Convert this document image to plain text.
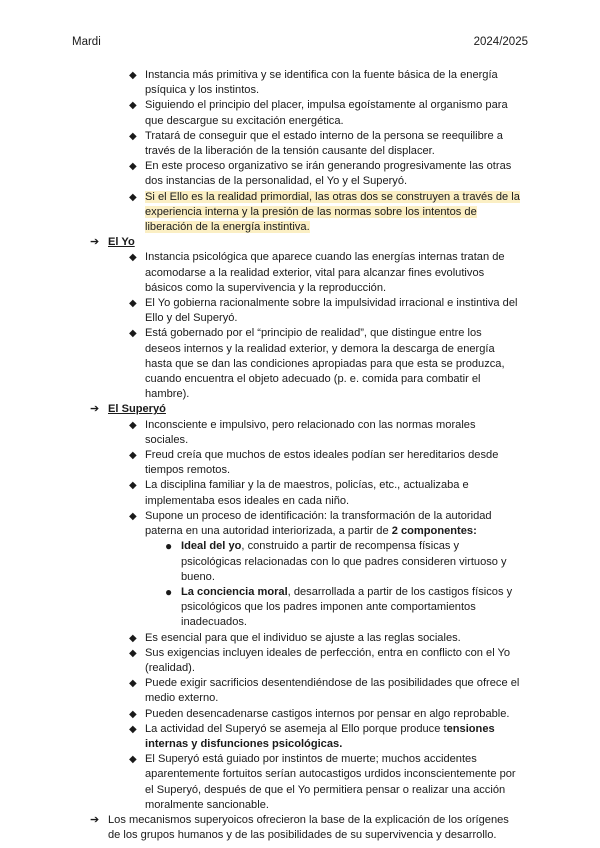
Mardi	2024/2025

◆ Instancia más primitiva y se identifica con la fuente básica de la energía psíquica y los instintos.

◆ Siguiendo el principio del placer, impulsa egoístamente al organismo para que descargue su excitación energética.

◆ Tratará de conseguir que el estado interno de la persona se reequilibre a través de la liberación de la tensión causante del displacer.

◆ En este proceso organizativo se irán generando progresivamente las otras dos instancias de la personalidad, el Yo y el Superyó.

◆ Si el Ello es la realidad primordial, las otras dos se construyen a través de la experiencia interna y la presión de las normas sobre los intentos de liberación de la energía instintiva.

➔ El Yo

◆ Instancia psicológica que aparece cuando las energías internas tratan de acomodarse a la realidad exterior, vital para alcanzar fines evolutivos básicos como la supervivencia y la reproducción.

◆ El Yo gobierna racionalmente sobre la impulsividad irracional e instintiva del Ello y del Superyó.

◆ Está gobernado por el “principio de realidad”, que distingue entre los deseos internos y la realidad exterior, y demora la descarga de energía hasta que se dan las condiciones apropiadas para que esta se produzca, cuando encuentra el objeto adecuado (p. e. comida para combatir el hambre).

➔ El Superyó

◆ Inconsciente e impulsivo, pero relacionado con las normas morales sociales.

◆ Freud creía que muchos de estos ideales podían ser hereditarios desde tiempos remotos.

◆ La disciplina familiar y la de maestros, policías, etc., actualizaba e implementaba esos ideales en cada niño.

◆ Supone un proceso de identificación: la transformación de la autoridad paterna en una autoridad interiorizada, a partir de 2 componentes:

● Ideal del yo, construido a partir de recompensa físicas y psicológicas relacionadas con lo que padres consideren virtuoso y bueno.

● La conciencia moral, desarrollada a partir de los castigos físicos y psicológicos que los padres imponen ante comportamientos inadecuados.

◆ Es esencial para que el individuo se ajuste a las reglas sociales.

◆ Sus exigencias incluyen ideales de perfección, entra en conflicto con el Yo (realidad).

◆ Puede exigir sacrificios desentendiéndose de las posibilidades que ofrece el medio externo.

◆ Pueden desencadenarse castigos internos por pensar en algo reprobable.

◆ La actividad del Superyó se asemeja al Ello porque produce tensiones internas y disfunciones psicológicas.

◆ El Superyó está guiado por instintos de muerte; muchos accidentes aparentemente fortuitos serían autocastigos urdidos inconscientemente por el Superyó, después de que el Yo permitiera pensar o realizar una acción moralmente sancionable.

➔ Los mecanismos superyoicos ofrecieron la base de la explicación de los orígenes de los grupos humanos y de las posibilidades de su supervivencia y desarrollo.
